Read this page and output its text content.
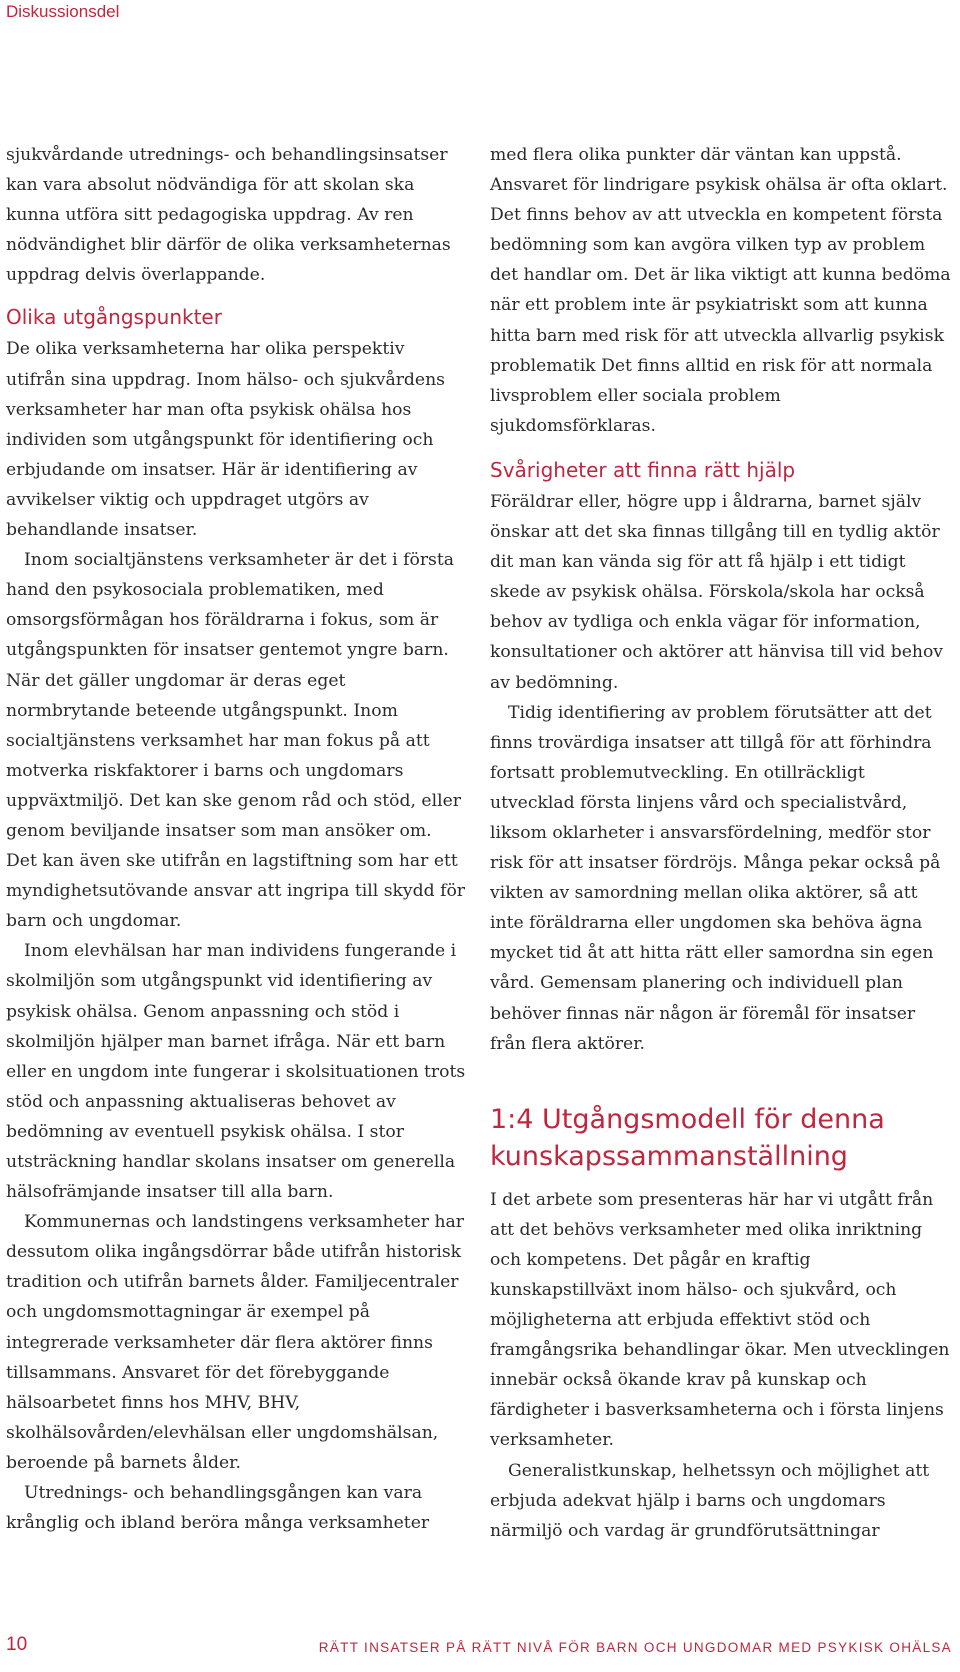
Diskussionsdel

sjukvårdande utrednings- och behandlingsinsatser kan vara absolut nödvändiga för att skolan ska kunna utföra sitt pedagogiska uppdrag. Av ren nödvändighet blir därför de olika verksamheternas uppdrag delvis överlappande.

Olika utgångspunkter

De olika verksamheterna har olika perspektiv utifrån sina uppdrag. Inom hälso- och sjukvårdens verksamheter har man ofta psykisk ohälsa hos individen som utgångspunkt för identifiering och erbjudande om insatser. Här är identifiering av avvikelser viktig och uppdraget utgörs av behandlande insatser.

Inom socialtjänstens verksamheter är det i första hand den psykosociala problematiken, med omsorgsförmågan hos föräldrarna i fokus, som är utgångspunkten för insatser gentemot yngre barn. När det gäller ungdomar är deras eget normbrytande beteende utgångspunkt. Inom socialtjänstens verksamhet har man fokus på att motverka riskfaktorer i barns och ungdomars uppväxtmiljö. Det kan ske genom råd och stöd, eller genom beviljande insatser som man ansöker om. Det kan även ske utifrån en lagstiftning som har ett myndighetsutövande ansvar att ingripa till skydd för barn och ungdomar.

Inom elevhälsan har man individens fungerande i skolmiljön som utgångspunkt vid identifiering av psykisk ohälsa. Genom anpassning och stöd i skolmiljön hjälper man barnet ifråga. När ett barn eller en ungdom inte fungerar i skolsituationen trots stöd och anpassning aktualiseras behovet av bedömning av eventuell psykisk ohälsa. I stor utsträckning handlar skolans insatser om generella hälsofrämjande insatser till alla barn.

Kommunernas och landstingens verksamheter har dessutom olika ingångsdörrar både utifrån historisk tradition och utifrån barnets ålder. Familjecentraler och ungdomsmottagningar är exempel på integrerade verksamheter där flera aktörer finns tillsammans. Ansvaret för det förebyggande hälsoarbetet finns hos MHV, BHV, skolhälsovården/elevhälsan eller ungdomshälsan, beroende på barnets ålder.

Utrednings- och behandlingsgången kan vara krånglig och ibland beröra många verksamheter

med flera olika punkter där väntan kan uppstå. Ansvaret för lindrigare psykisk ohälsa är ofta oklart. Det finns behov av att utveckla en kompetent första bedömning som kan avgöra vilken typ av problem det handlar om. Det är lika viktigt att kunna bedöma när ett problem inte är psykiatriskt som att kunna hitta barn med risk för att utveckla allvarlig psykisk problematik Det finns alltid en risk för att normala livsproblem eller sociala problem sjukdomsförklaras.

Svårigheter att finna rätt hjälp

Föräldrar eller, högre upp i åldrarna, barnet själv önskar att det ska finnas tillgång till en tydlig aktör dit man kan vända sig för att få hjälp i ett tidigt skede av psykisk ohälsa. Förskola/skola har också behov av tydliga och enkla vägar för information, konsultationer och aktörer att hänvisa till vid behov av bedömning.

Tidig identifiering av problem förutsätter att det finns trovärdiga insatser att tillgå för att förhindra fortsatt problemutveckling. En otillräckligt utvecklad första linjens vård och specialistvård, liksom oklarheter i ansvarsfördelning, medför stor risk för att insatser fördröjs. Många pekar också på vikten av samordning mellan olika aktörer, så att inte föräldrarna eller ungdomen ska behöva ägna mycket tid åt att hitta rätt eller samordna sin egen vård. Gemensam planering och individuell plan behöver finnas när någon är föremål för insatser från flera aktörer.

1:4 Utgångsmodell för denna kunskapssammanställning

I det arbete som presenteras här har vi utgått från att det behövs verksamheter med olika inriktning och kompetens. Det pågår en kraftig kunskapstillväxt inom hälso- och sjukvård, och möjligheterna att erbjuda effektivt stöd och framgångsrika behandlingar ökar. Men utvecklingen innebär också ökande krav på kunskap och färdigheter i basverksamheterna och i första linjens verksamheter.

Generalistkunskap, helhetssyn och möjlighet att erbjuda adekvat hjälp i barns och ungdomars närmiljö och vardag är grundförutsättningar

10	RÄTT INSATSER PÅ RÄTT NIVÅ FÖR BARN OCH UNGDOMAR MED PSYKISK OHÄLSA
